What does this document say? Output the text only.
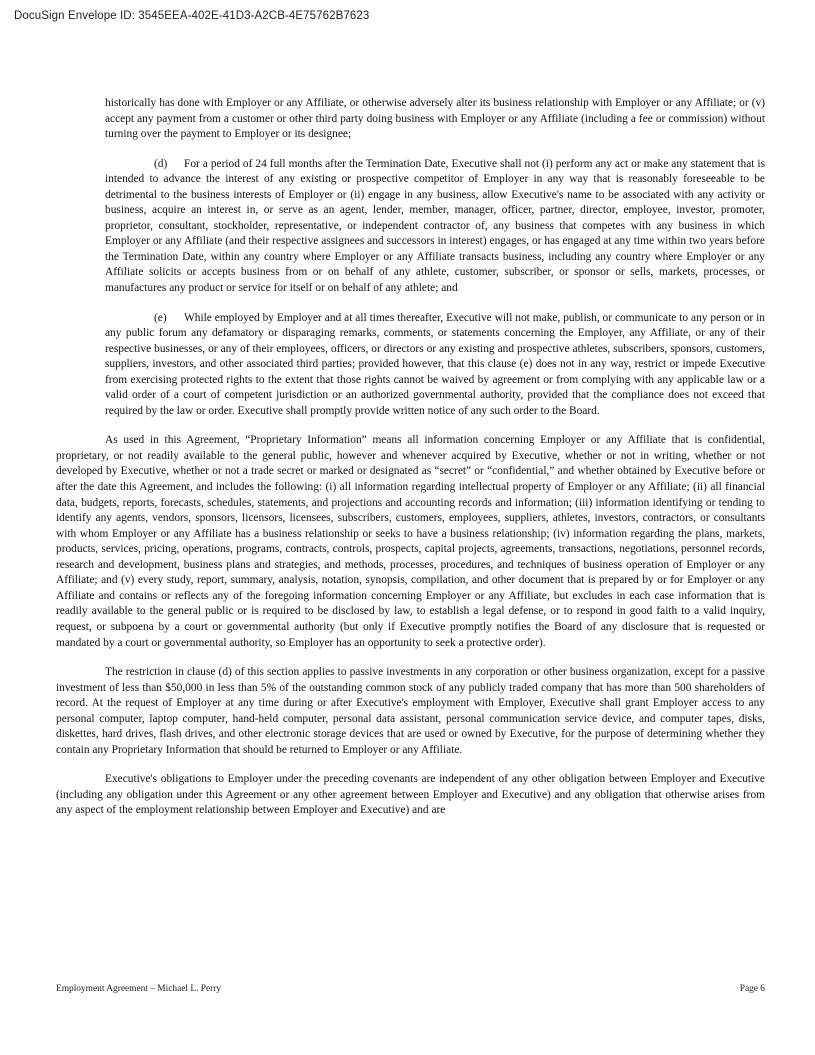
DocuSign Envelope ID: 3545EEA-402E-41D3-A2CB-4E75762B7623

historically has done with Employer or any Affiliate, or otherwise adversely alter its business relationship with Employer or any Affiliate; or (v) accept any payment from a customer or other third party doing business with Employer or any Affiliate (including a fee or commission) without turning over the payment to Employer or its designee;

(d) For a period of 24 full months after the Termination Date, Executive shall not (i) perform any act or make any statement that is intended to advance the interest of any existing or prospective competitor of Employer in any way that is reasonably foreseeable to be detrimental to the business interests of Employer or (ii) engage in any business, allow Executive's name to be associated with any activity or business, acquire an interest in, or serve as an agent, lender, member, manager, officer, partner, director, employee, investor, promoter, proprietor, consultant, stockholder, representative, or independent contractor of, any business that competes with any business in which Employer or any Affiliate (and their respective assignees and successors in interest) engages, or has engaged at any time within two years before the Termination Date, within any country where Employer or any Affiliate transacts business, including any country where Employer or any Affiliate solicits or accepts business from or on behalf of any athlete, customer, subscriber, or sponsor or sells, markets, processes, or manufactures any product or service for itself or on behalf of any athlete; and

(e) While employed by Employer and at all times thereafter, Executive will not make, publish, or communicate to any person or in any public forum any defamatory or disparaging remarks, comments, or statements concerning the Employer, any Affiliate, or any of their respective businesses, or any of their employees, officers, or directors or any existing and prospective athletes, subscribers, sponsors, customers, suppliers, investors, and other associated third parties; provided however, that this clause (e) does not in any way, restrict or impede Executive from exercising protected rights to the extent that those rights cannot be waived by agreement or from complying with any applicable law or a valid order of a court of competent jurisdiction or an authorized governmental authority, provided that the compliance does not exceed that required by the law or order. Executive shall promptly provide written notice of any such order to the Board.

As used in this Agreement, “Proprietary Information” means all information concerning Employer or any Affiliate that is confidential, proprietary, or not readily available to the general public, however and whenever acquired by Executive, whether or not in writing, whether or not developed by Executive, whether or not a trade secret or marked or designated as “secret” or “confidential,” and whether obtained by Executive before or after the date this Agreement, and includes the following: (i) all information regarding intellectual property of Employer or any Affiliate; (ii) all financial data, budgets, reports, forecasts, schedules, statements, and projections and accounting records and information; (iii) information identifying or tending to identify any agents, vendors, sponsors, licensors, licensees, subscribers, customers, employees, suppliers, athletes, investors, contractors, or consultants with whom Employer or any Affiliate has a business relationship or seeks to have a business relationship; (iv) information regarding the plans, markets, products, services, pricing, operations, programs, contracts, controls, prospects, capital projects, agreements, transactions, negotiations, personnel records, research and development, business plans and strategies, and methods, processes, procedures, and techniques of business operation of Employer or any Affiliate; and (v) every study, report, summary, analysis, notation, synopsis, compilation, and other document that is prepared by or for Employer or any Affiliate and contains or reflects any of the foregoing information concerning Employer or any Affiliate, but excludes in each case information that is readily available to the general public or is required to be disclosed by law, to establish a legal defense, or to respond in good faith to a valid inquiry, request, or subpoena by a court or governmental authority (but only if Executive promptly notifies the Board of any disclosure that is requested or mandated by a court or governmental authority, so Employer has an opportunity to seek a protective order).

The restriction in clause (d) of this section applies to passive investments in any corporation or other business organization, except for a passive investment of less than $50,000 in less than 5% of the outstanding common stock of any publicly traded company that has more than 500 shareholders of record. At the request of Employer at any time during or after Executive's employment with Employer, Executive shall grant Employer access to any personal computer, laptop computer, hand-held computer, personal data assistant, personal communication service device, and computer tapes, disks, diskettes, hard drives, flash drives, and other electronic storage devices that are used or owned by Executive, for the purpose of determining whether they contain any Proprietary Information that should be returned to Employer or any Affiliate.

Executive's obligations to Employer under the preceding covenants are independent of any other obligation between Employer and Executive (including any obligation under this Agreement or any other agreement between Employer and Executive) and any obligation that otherwise arises from any aspect of the employment relationship between Employer and Executive) and are

Employment Agreement – Michael L. Perry	Page 6
